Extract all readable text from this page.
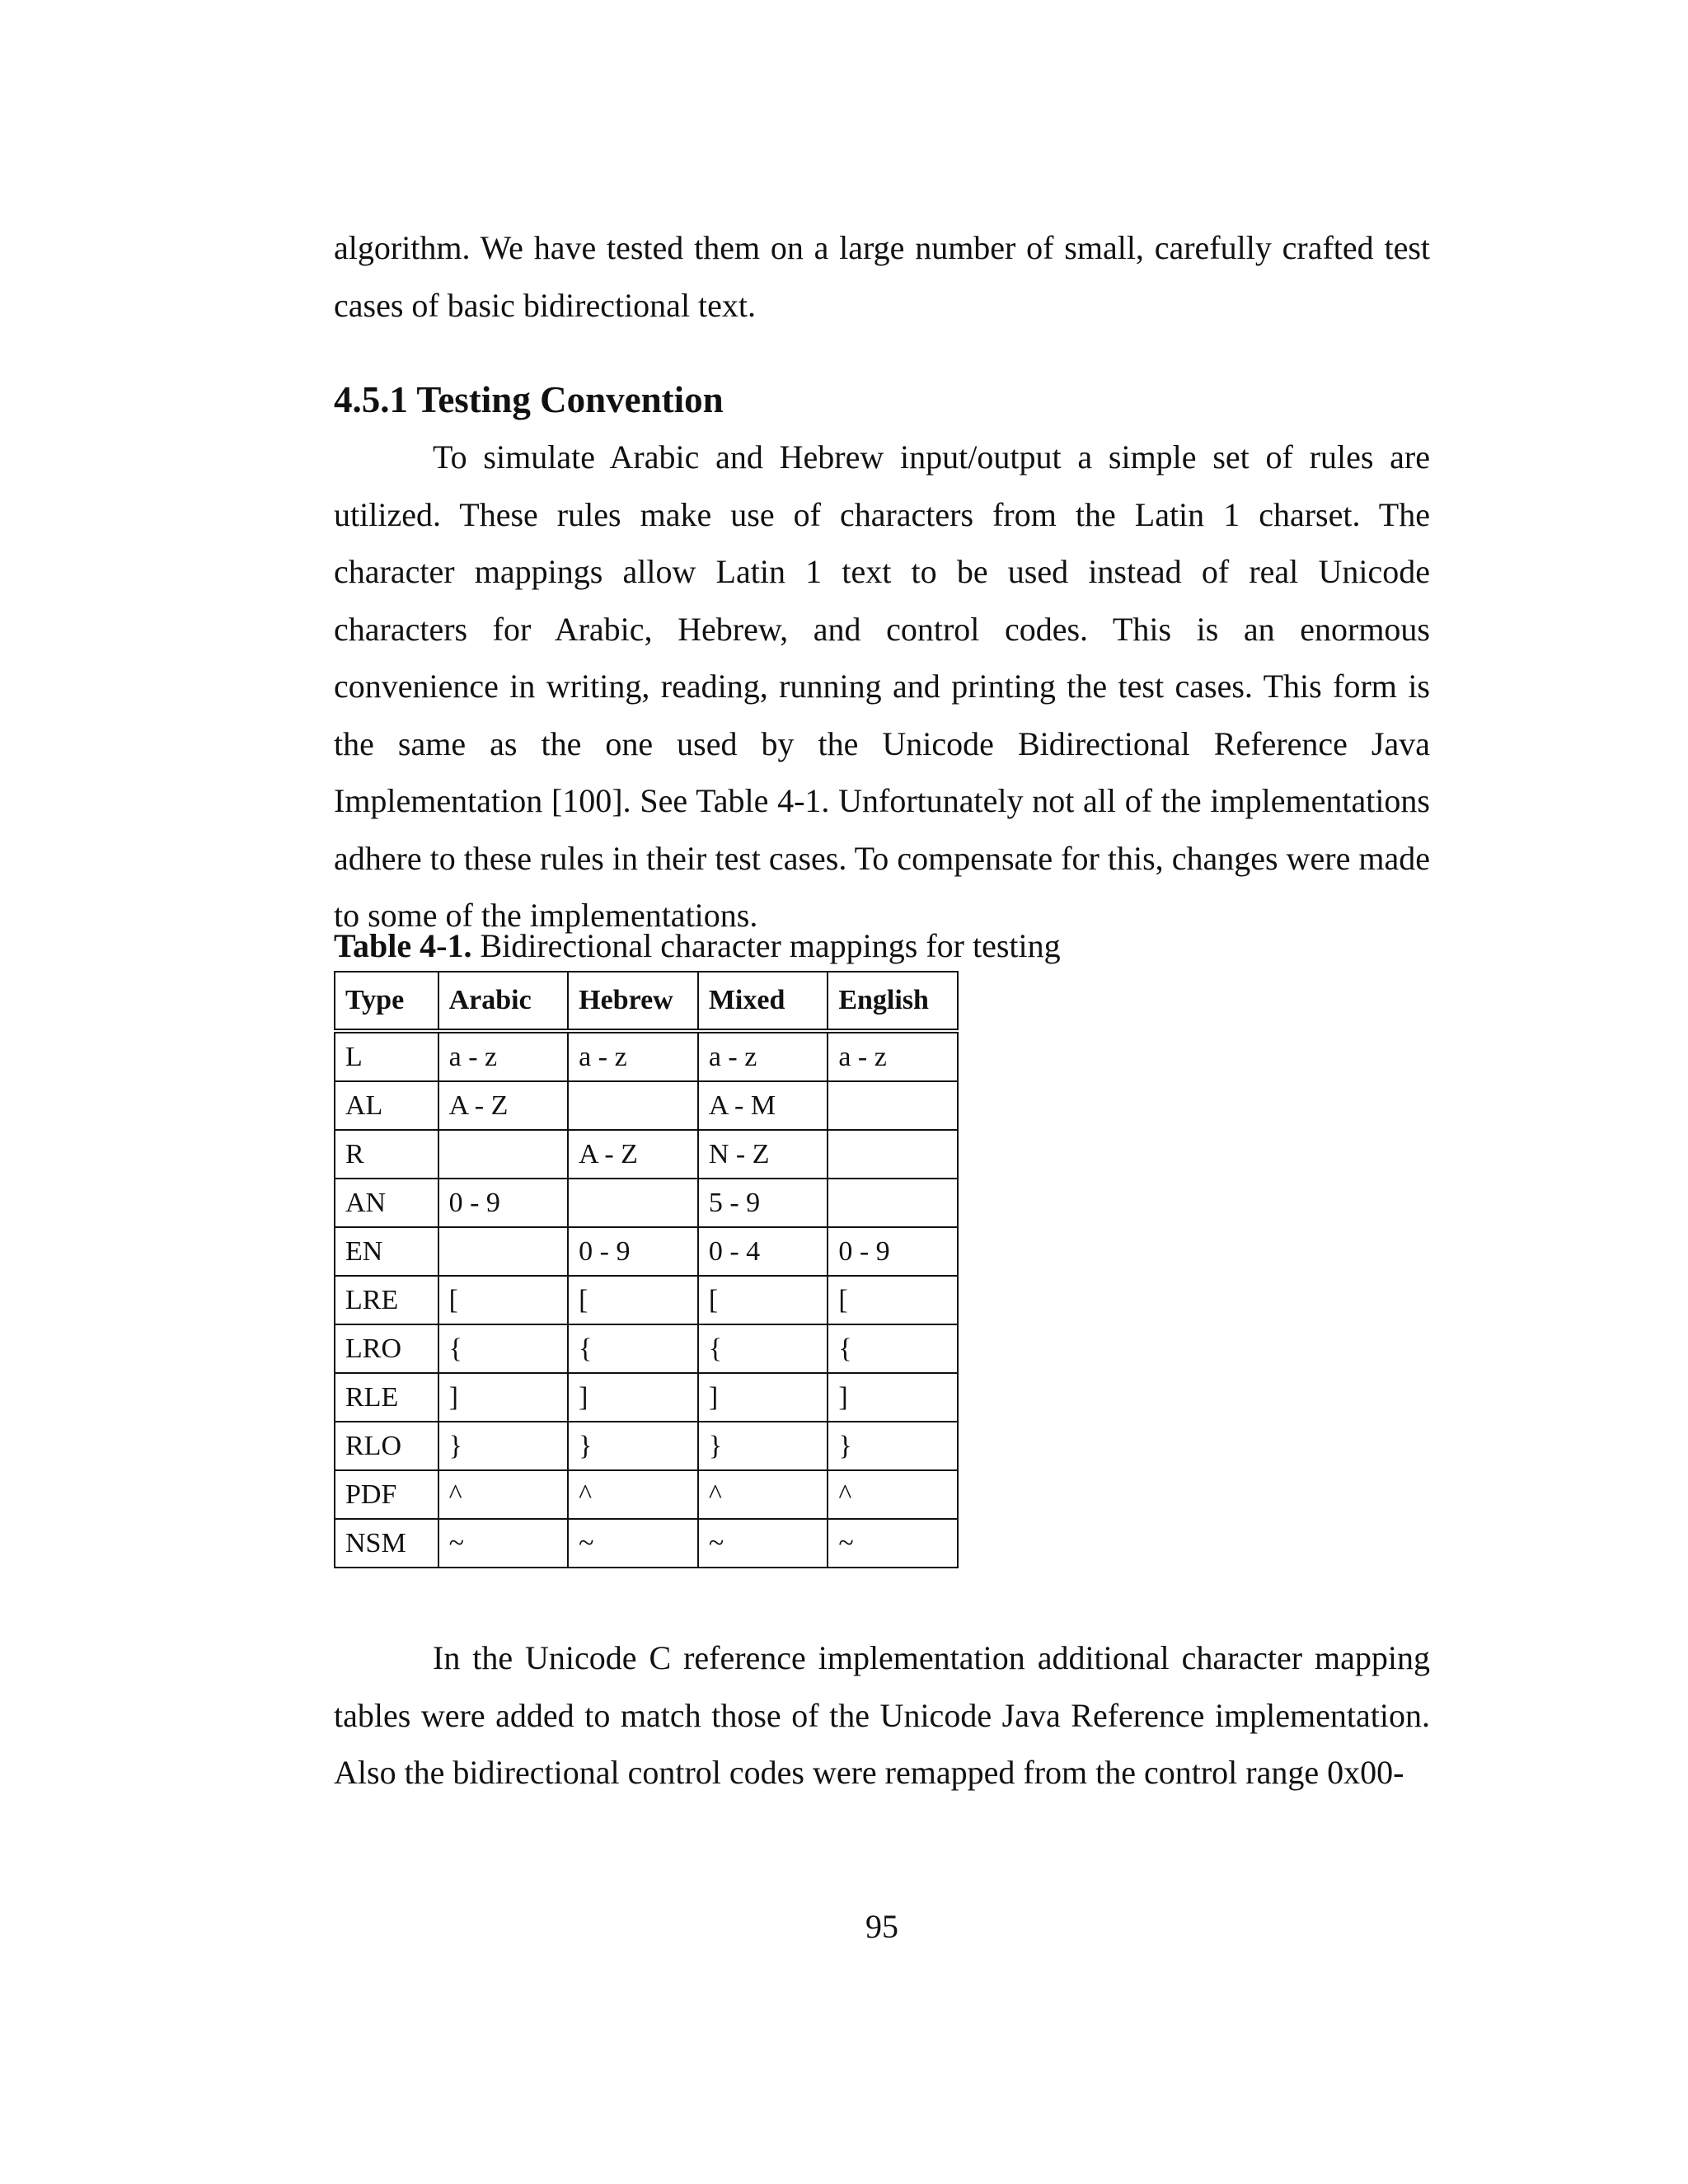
algorithm. We have tested them on a large number of small, carefully crafted test cases of basic bidirectional text.

4.5.1 Testing Convention

To simulate Arabic and Hebrew input/output a simple set of rules are utilized. These rules make use of characters from the Latin 1 charset. The character mappings allow Latin 1 text to be used instead of real Unicode characters for Arabic, Hebrew, and control codes. This is an enormous convenience in writing, reading, running and printing the test cases. This form is the same as the one used by the Unicode Bidirectional Reference Java Implementation [100]. See Table 4-1. Unfortunately not all of the implementations adhere to these rules in their test cases. To compensate for this, changes were made to some of the implementations.

Table 4-1. Bidirectional character mappings for testing

Type	Arabic	Hebrew	Mixed	English
L	a - z	a - z	a - z	a - z
AL	A - Z		A - M	
R		A - Z	N - Z	
AN	0 - 9		5 - 9	
EN		0 - 9	0 - 4	0 - 9
LRE	[	[	[	[
LRO	{	{	{	{
RLE	]	]	]	]
RLO	}	}	}	}
PDF	^	^	^	^
NSM	~	~	~	~

In the Unicode C reference implementation additional character mapping tables were added to match those of the Unicode Java Reference implementation. Also the bidirectional control codes were remapped from the control range 0x00-

95
